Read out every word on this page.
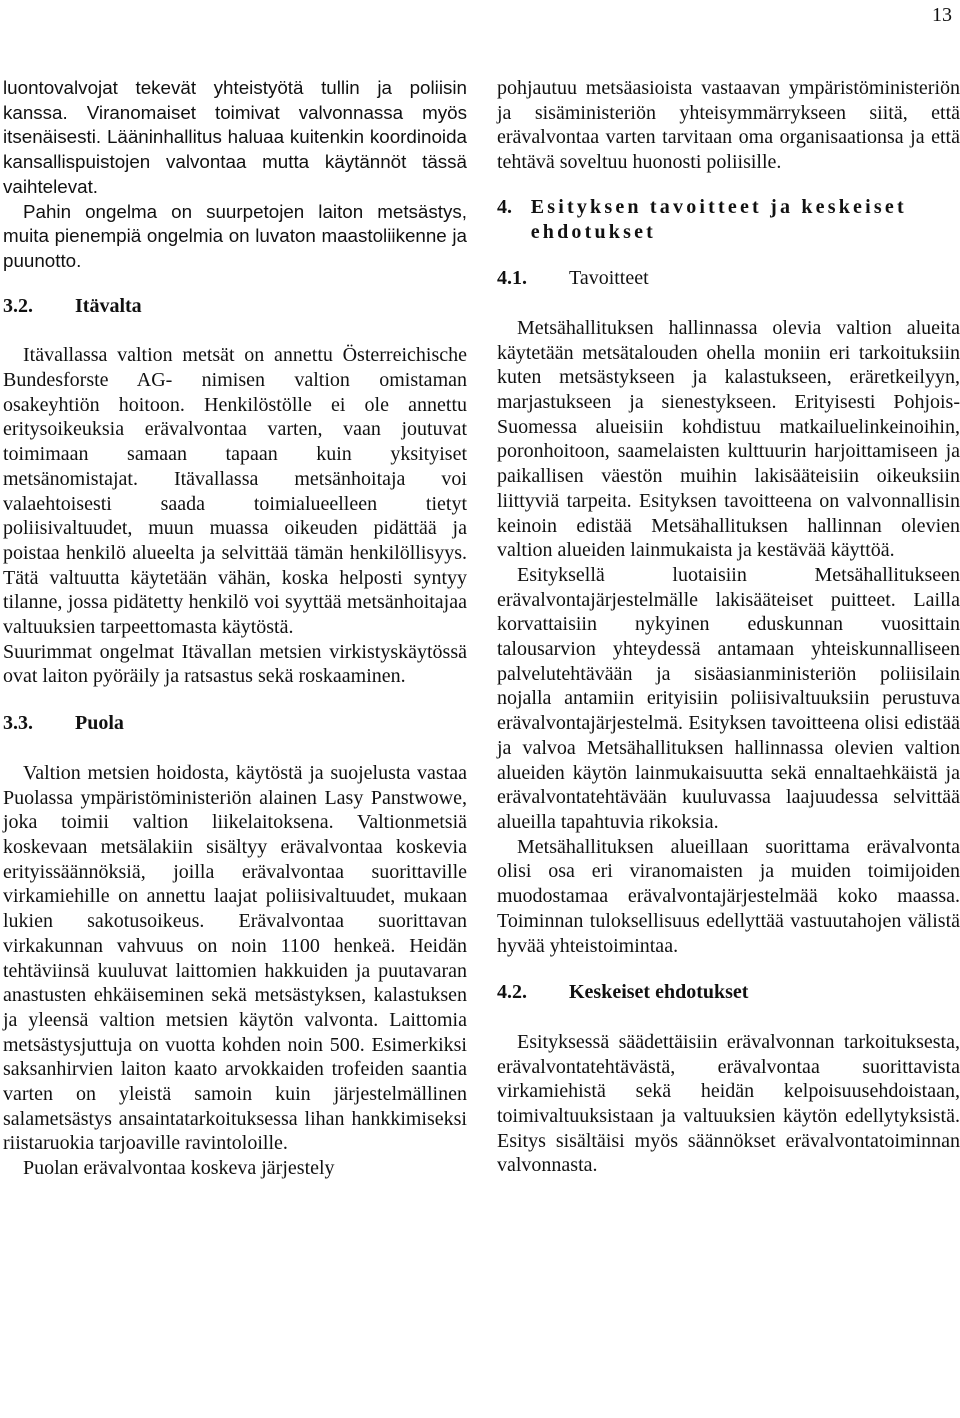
13

luontovalvojat tekevät yhteistyötä tullin ja poliisin kanssa. Viranomaiset toimivat valvonnassa myös itsenäisesti. Lääninhallitus haluaa kuitenkin koordinoida kansallispuistojen valvontaa mutta käytännöt tässä vaihtelevat.

Pahin ongelma on suurpetojen laiton metsästys, muita pienempiä ongelmia on luvaton maastoliikenne ja puunotto.

3.2.	Itävalta

Itävallassa valtion metsät on annettu Österreichische Bundesforste AG- nimisen valtion omistaman osakeyhtiön hoitoon. Henkilöstölle ei ole annettu eritysoikeuksia erävalvontaa varten, vaan joutuvat toimimaan samaan tapaan kuin yksityiset metsänomistajat. Itävallassa metsänhoitaja voi valaehtoisesti saada toimialueelleen tietyt poliisivaltuudet, muun muassa oikeuden pidättää ja poistaa henkilö alueelta ja selvittää tämän henkilöllisyys. Tätä valtuutta käytetään vähän, koska helposti syntyy tilanne, jossa pidätetty henkilö voi syyttää metsänhoitajaa valtuuksien tarpeettomasta käytöstä.

Suurimmat ongelmat Itävallan metsien virkistyskäytössä ovat laiton pyöräily ja ratsastus sekä roskaaminen.

3.3.	Puola

Valtion metsien hoidosta, käytöstä ja suojelusta vastaa Puolassa ympäristöministeriön alainen Lasy Panstwowe, joka toimii valtion liikelaitoksena. Valtionmetsiä koskevaan metsälakiin sisältyy erävalvontaa koskevia erityissäännöksiä, joilla erävalvontaa suorittaville virkamiehille on annettu laajat poliisivaltuudet, mukaan lukien sakotusoikeus. Erävalvontaa suorittavan virkakunnan vahvuus on noin 1100 henkeä. Heidän tehtäviinsä kuuluvat laittomien hakkuiden ja puutavaran anastusten ehkäiseminen sekä metsästyksen, kalastuksen ja yleensä valtion metsien käytön valvonta. Laittomia metsästysjuttuja on vuotta kohden noin 500. Esimerkiksi saksanhirvien laiton kaato arvokkaiden trofeiden saantia varten on yleistä samoin kuin järjestelmällinen salametsästys ansaintatarkoituksessa lihan hankkimiseksi riistaruokia tarjoaville ravintoloille.

Puolan erävalvontaa koskeva järjestely

pohjautuu metsäasioista vastaavan ympäristöministeriön ja sisäministeriön yhteisymmärrykseen siitä, että erävalvontaa varten tarvitaan oma organisaationsa ja että tehtävä soveltuu huonosti poliisille.

4. Esityksen tavoitteet ja keskeiset ehdotukset
4.1.	Tavoitteet

Metsähallituksen hallinnassa olevia valtion alueita käytetään metsätalouden ohella moniin eri tarkoituksiin kuten metsästykseen ja kalastukseen, eräretkeilyyn, marjastukseen ja sienestykseen. Erityisesti Pohjois-Suomessa alueisiin kohdistuu matkailuelinkeinoihin, poronhoitoon, saamelaisten kulttuurin harjoittamiseen ja paikallisen väestön muihin lakisääteisiin oikeuksiin liittyviä tarpeita. Esityksen tavoitteena on valvonnallisin keinoin edistää Metsähallituksen hallinnan olevien valtion alueiden lainmukaista ja kestävää käyttöä.

Esityksellä luotaisiin Metsähallitukseen erävalvontajärjestelmälle lakisääteiset puitteet. Lailla korvattaisiin nykyinen eduskunnan vuosittain talousarvion yhteydessä antamaan yhteiskunnalliseen palvelutehtävään ja sisäasianministeriön poliisilain nojalla antamiin erityisiin poliisivaltuuksiin perustuva erävalvontajärjestelmä. Esityksen tavoitteena olisi edistää ja valvoa Metsähallituksen hallinnassa olevien valtion alueiden käytön lainmukaisuutta sekä ennaltaehkäistä ja erävalvontatehtävään kuuluvassa laajuudessa selvittää alueilla tapahtuvia rikoksia.

Metsähallituksen alueillaan suorittama erävalvonta olisi osa eri viranomaisten ja muiden toimijoiden muodostamaa erävalvontajärjestelmää koko maassa. Toiminnan tuloksellisuus edellyttää vastuutahojen välistä hyvää yhteistoimintaa.

4.2.	Keskeiset ehdotukset

Esityksessä säädettäisiin erävalvonnan tarkoituksesta, erävalvontatehtävästä, erävalvontaa suorittavista virkamiehistä sekä heidän kelpoisuusehdoistaan, toimivaltuuksistaan ja valtuuksien käytön edellytyksistä. Esitys sisältäisi myös säännökset erävalvontatoiminnan valvonnasta.
